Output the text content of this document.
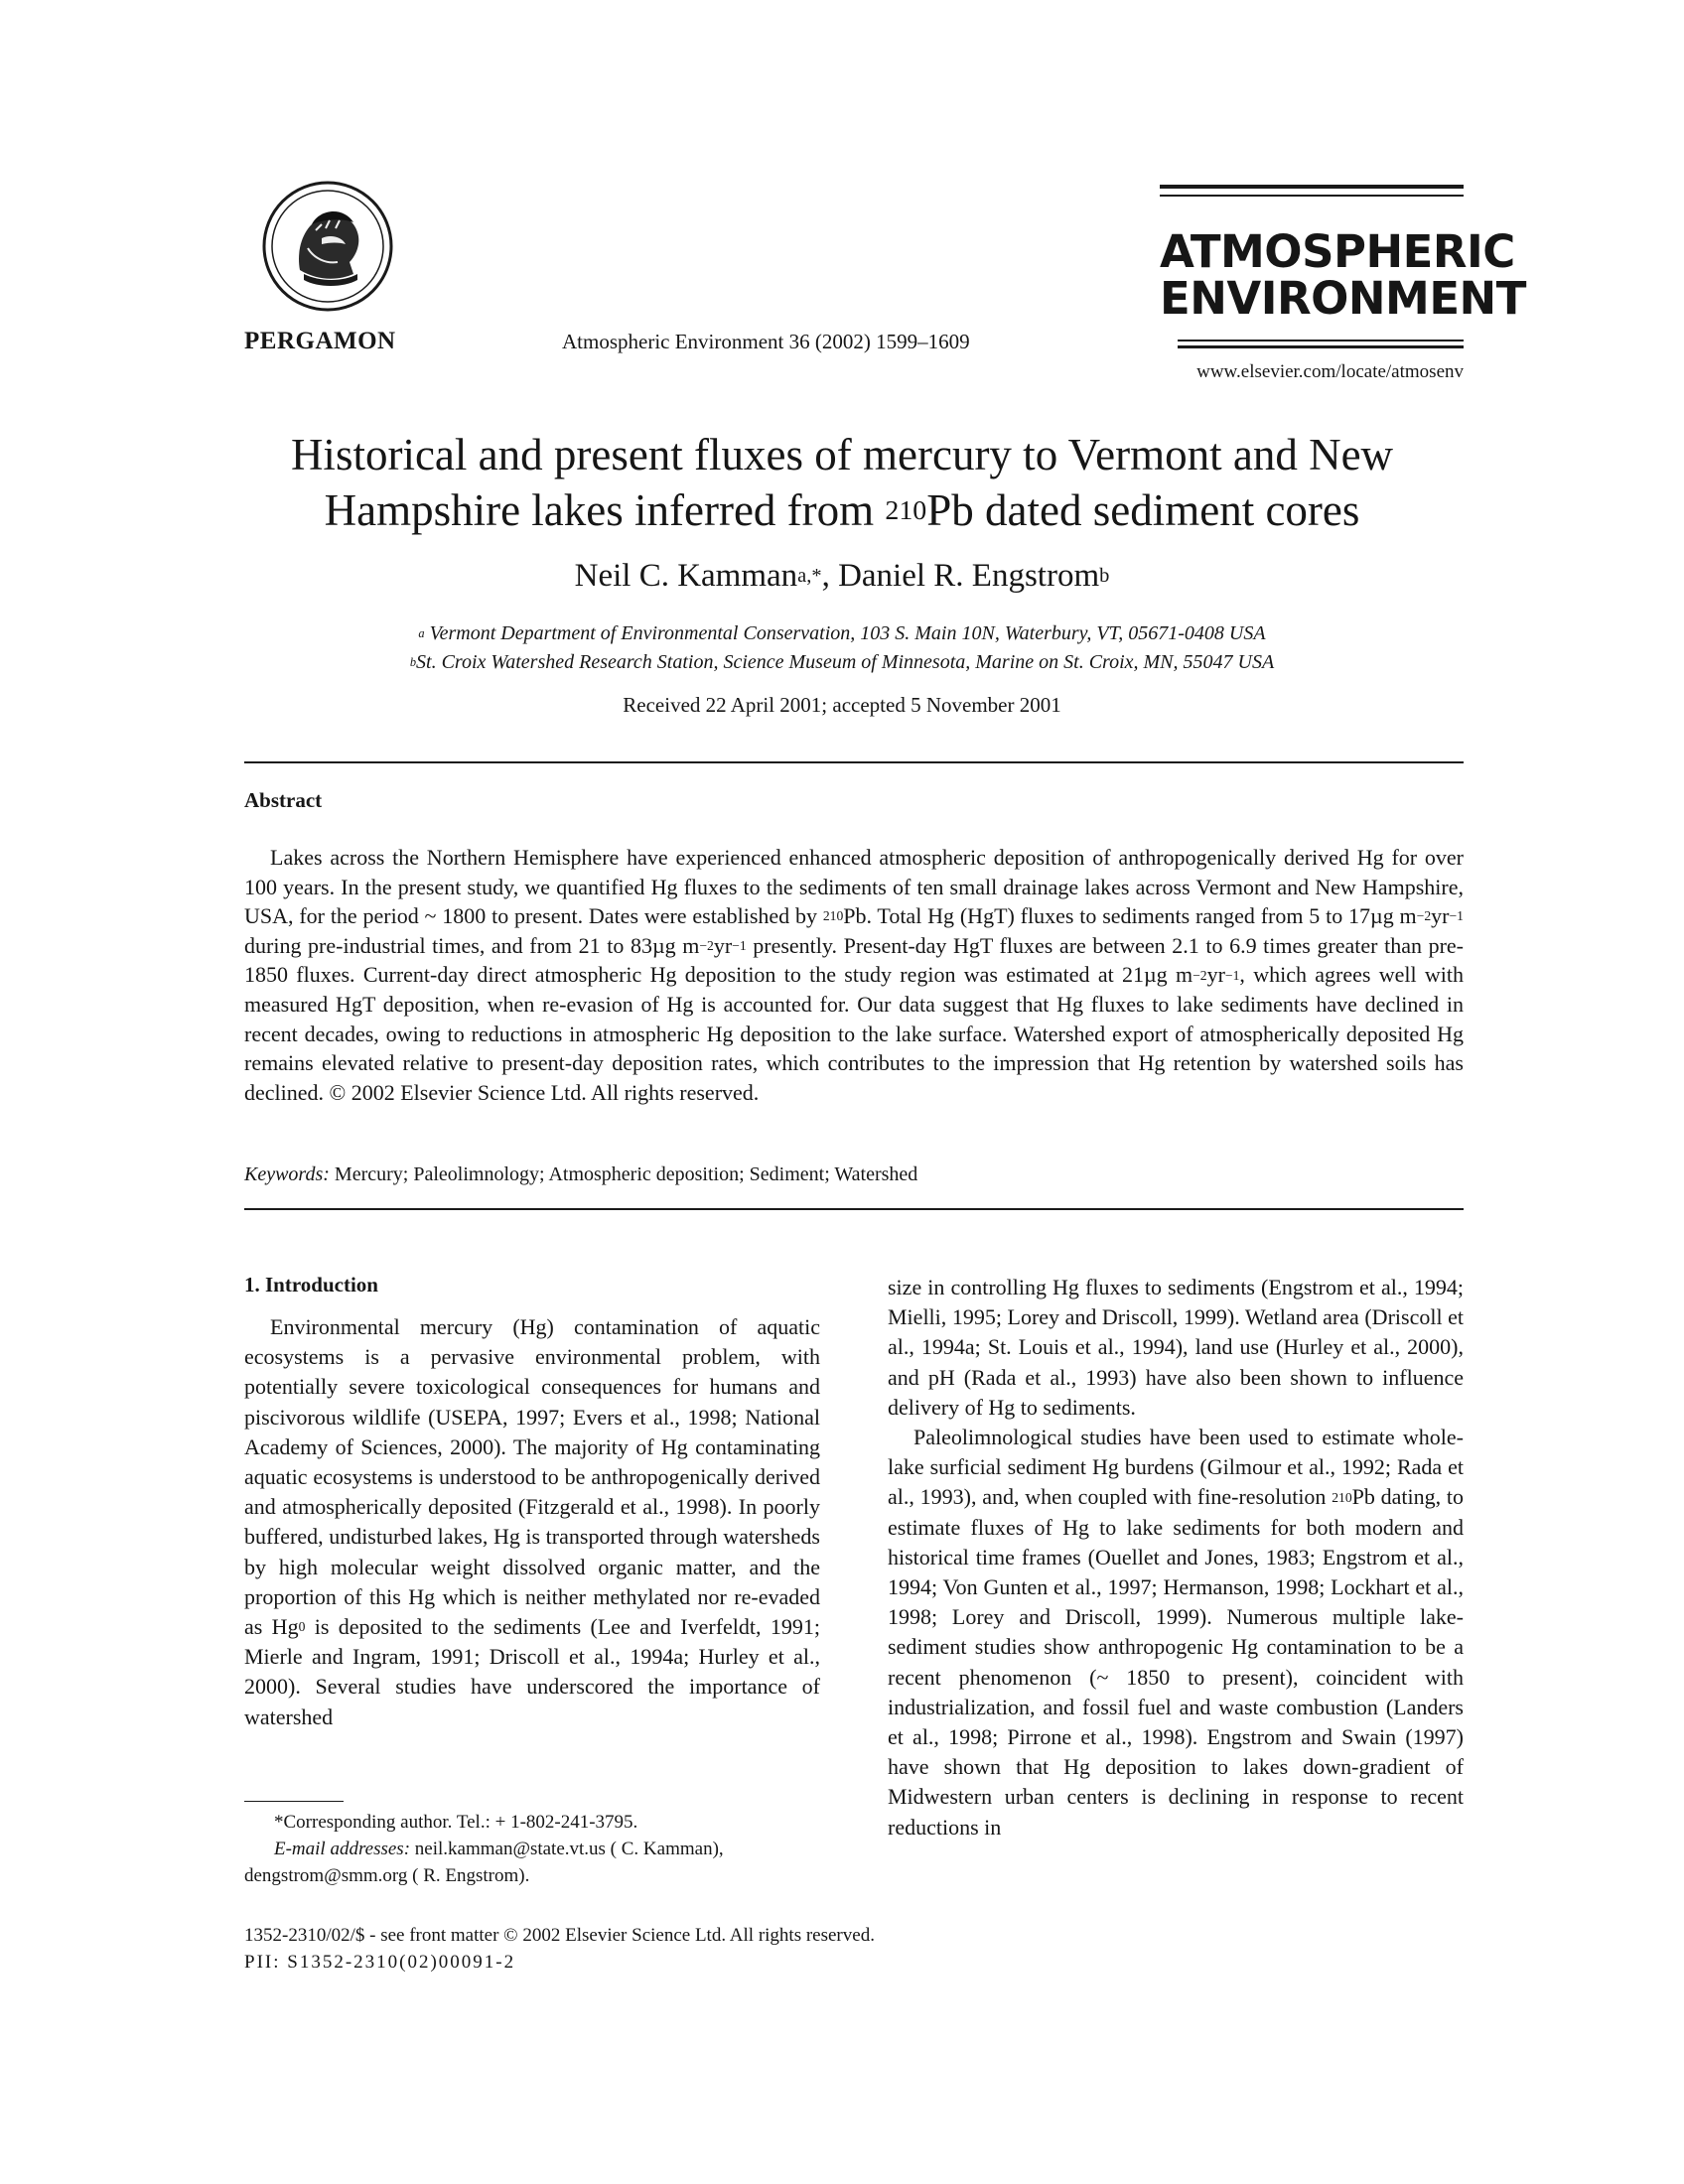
PERGAMON	Atmospheric Environment 36 (2002) 1599–1609
ATMOSPHERIC
ENVIRONMENT
www.elsevier.com/locate/atmosenv
Historical and present fluxes of mercury to Vermont and New
Hampshire lakes inferred from $^{210}$Pb dated sediment cores
Neil C. Kamman$^{a,*}$, Daniel R. Engstrom$^b$
$^a$ Vermont Department of Environmental Conservation, 103 S. Main 10N, Waterbury, VT, 05671-0408 USA
$^b$St. Croix Watershed Research Station, Science Museum of Minnesota, Marine on St. Croix, MN, 55047 USA
Received 22 April 2001; accepted 5 November 2001
Abstract

Lakes across the Northern Hemisphere have experienced enhanced atmospheric deposition of anthropogenically derived Hg for over 100 years. In the present study, we quantified Hg fluxes to the sediments of ten small drainage lakes across Vermont and New Hampshire, USA, for the period ~ 1800 to present. Dates were established by $^{210}$Pb. Total Hg (HgT) fluxes to sediments ranged from 5 to 17µg $m^{-2}yr^{-1}$ during pre-industrial times, and from 21 to 83µg $m^{-2}yr^{-1}$ presently. Present-day HgT fluxes are between 2.1 to 6.9 times greater than pre-1850 fluxes. Current-day direct atmospheric Hg deposition to the study region was estimated at 21µg $m^{-2}yr^{-1}$, which agrees well with measured HgT deposition, when re-evasion of Hg is accounted for. Our data suggest that Hg fluxes to lake sediments have declined in recent decades, owing to reductions in atmospheric Hg deposition to the lake surface. Watershed export of atmospherically deposited Hg remains elevated relative to present-day deposition rates, which contributes to the impression that Hg retention by watershed soils has declined. © 2002 Elsevier Science Ltd. All rights reserved.

Keywords: Mercury; Paleolimnology; Atmospheric deposition; Sediment; Watershed
1. Introduction

Environmental mercury (Hg) contamination of aquatic ecosystems is a pervasive environmental problem, with potentially severe toxicological consequences for humans and piscivorous wildlife (USEPA, 1997; Evers et al., 1998; National Academy of Sciences, 2000). The majority of Hg contaminating aquatic ecosystems is understood to be anthropogenically derived and atmospherically deposited (Fitzgerald et al., 1998). In poorly buffered, undisturbed lakes, Hg is transported through watersheds by high molecular weight dissolved organic matter, and the proportion of this Hg which is neither methylated nor re-evaded as Hg$^0$ is deposited to the sediments (Lee and Iverfeldt, 1991; Mierle and Ingram, 1991; Driscoll et al., 1994a; Hurley et al., 2000). Several studies have underscored the importance of watershed

size in controlling Hg fluxes to sediments (Engstrom et al., 1994; Mielli, 1995; Lorey and Driscoll, 1999). Wetland area (Driscoll et al., 1994a; St. Louis et al., 1994), land use (Hurley et al., 2000), and pH (Rada et al., 1993) have also been shown to influence delivery of Hg to sediments.

Paleolimnological studies have been used to estimate whole-lake surficial sediment Hg burdens (Gilmour et al., 1992; Rada et al., 1993), and, when coupled with fine-resolution $^{210}$Pb dating, to estimate fluxes of Hg to lake sediments for both modern and historical time frames (Ouellet and Jones, 1983; Engstrom et al., 1994; Von Gunten et al., 1997; Hermanson, 1998; Lockhart et al., 1998; Lorey and Driscoll, 1999). Numerous multiple lake-sediment studies show anthropogenic Hg contamination to be a recent phenomenon (~ 1850 to present), coincident with industrialization, and fossil fuel and waste combustion (Landers et al., 1998; Pirrone et al., 1998). Engstrom and Swain (1997) have shown that Hg deposition to lakes down-gradient of Midwestern urban centers is declining in response to recent reductions in

*Corresponding author. Tel.: + 1-802-241-3795.

E-mail addresses: neil.kamman@state.vt.us ( C. Kamman), dengstrom@smm.org ( R. Engstrom).

1352-2310/02/$ - see front matter © 2002 Elsevier Science Ltd. All rights reserved.
PII: S1352-2310(02)00091-2
